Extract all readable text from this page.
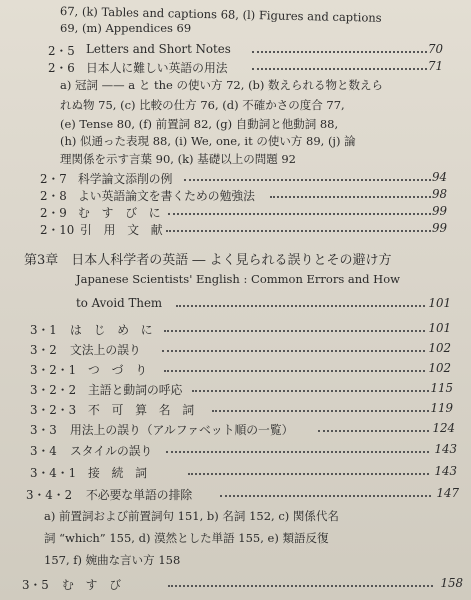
67, (k) Tables and captions 68, (l) Figures and captions
69, (m) Appendices 69
2・5 Letters and Short Notes	70
2・6 日本人に難しい英語の用法	71
a) 冠詞 —— a と the の使い方 72, (b) 数えられる物と数えら
れぬ物 75, (c) 比較の仕方 76, (d) 不確かさの度合 77,
(e) Tense 80, (f) 前置詞 82, (g) 自動詞と他動詞 88,
(h) 似通った表現 88, (i) We, one, it の使い方 89, (j) 論
理関係を示す言葉 90, (k) 基礎以上の問題 92
2・7 科学論文添削の例	94
2・8 よい英語論文を書くための勉強法	98
2・9 む　す　び　に	99
2・10 引　用　文　献	99
第3章　日本人科学者の英語 ― よく見られる誤りとその避け方
Japanese Scientists' English : Common Errors and How
to Avoid Them	101
3・1 は　じ　め　に	101
3・2 文法上の誤り	102
3・2・1 つ　づ　り	102
3・2・2 主語と動詞の呼応	115
3・2・3 不　可　算　名　詞	119
3・3 用法上の誤り（アルファベット順の一覧）	124
3・4 スタイルの誤り	143
3・4・1 接　続　詞	143
3・4・2 不必要な単語の排除	147
a) 前置詞および前置詞句 151, b) 名詞 152, c) 関係代名
詞 “which” 155, d) 漠然とした単語 155, e) 類語反復
157, f) 婉曲な言い方 158
3・5 む　す　び	158
